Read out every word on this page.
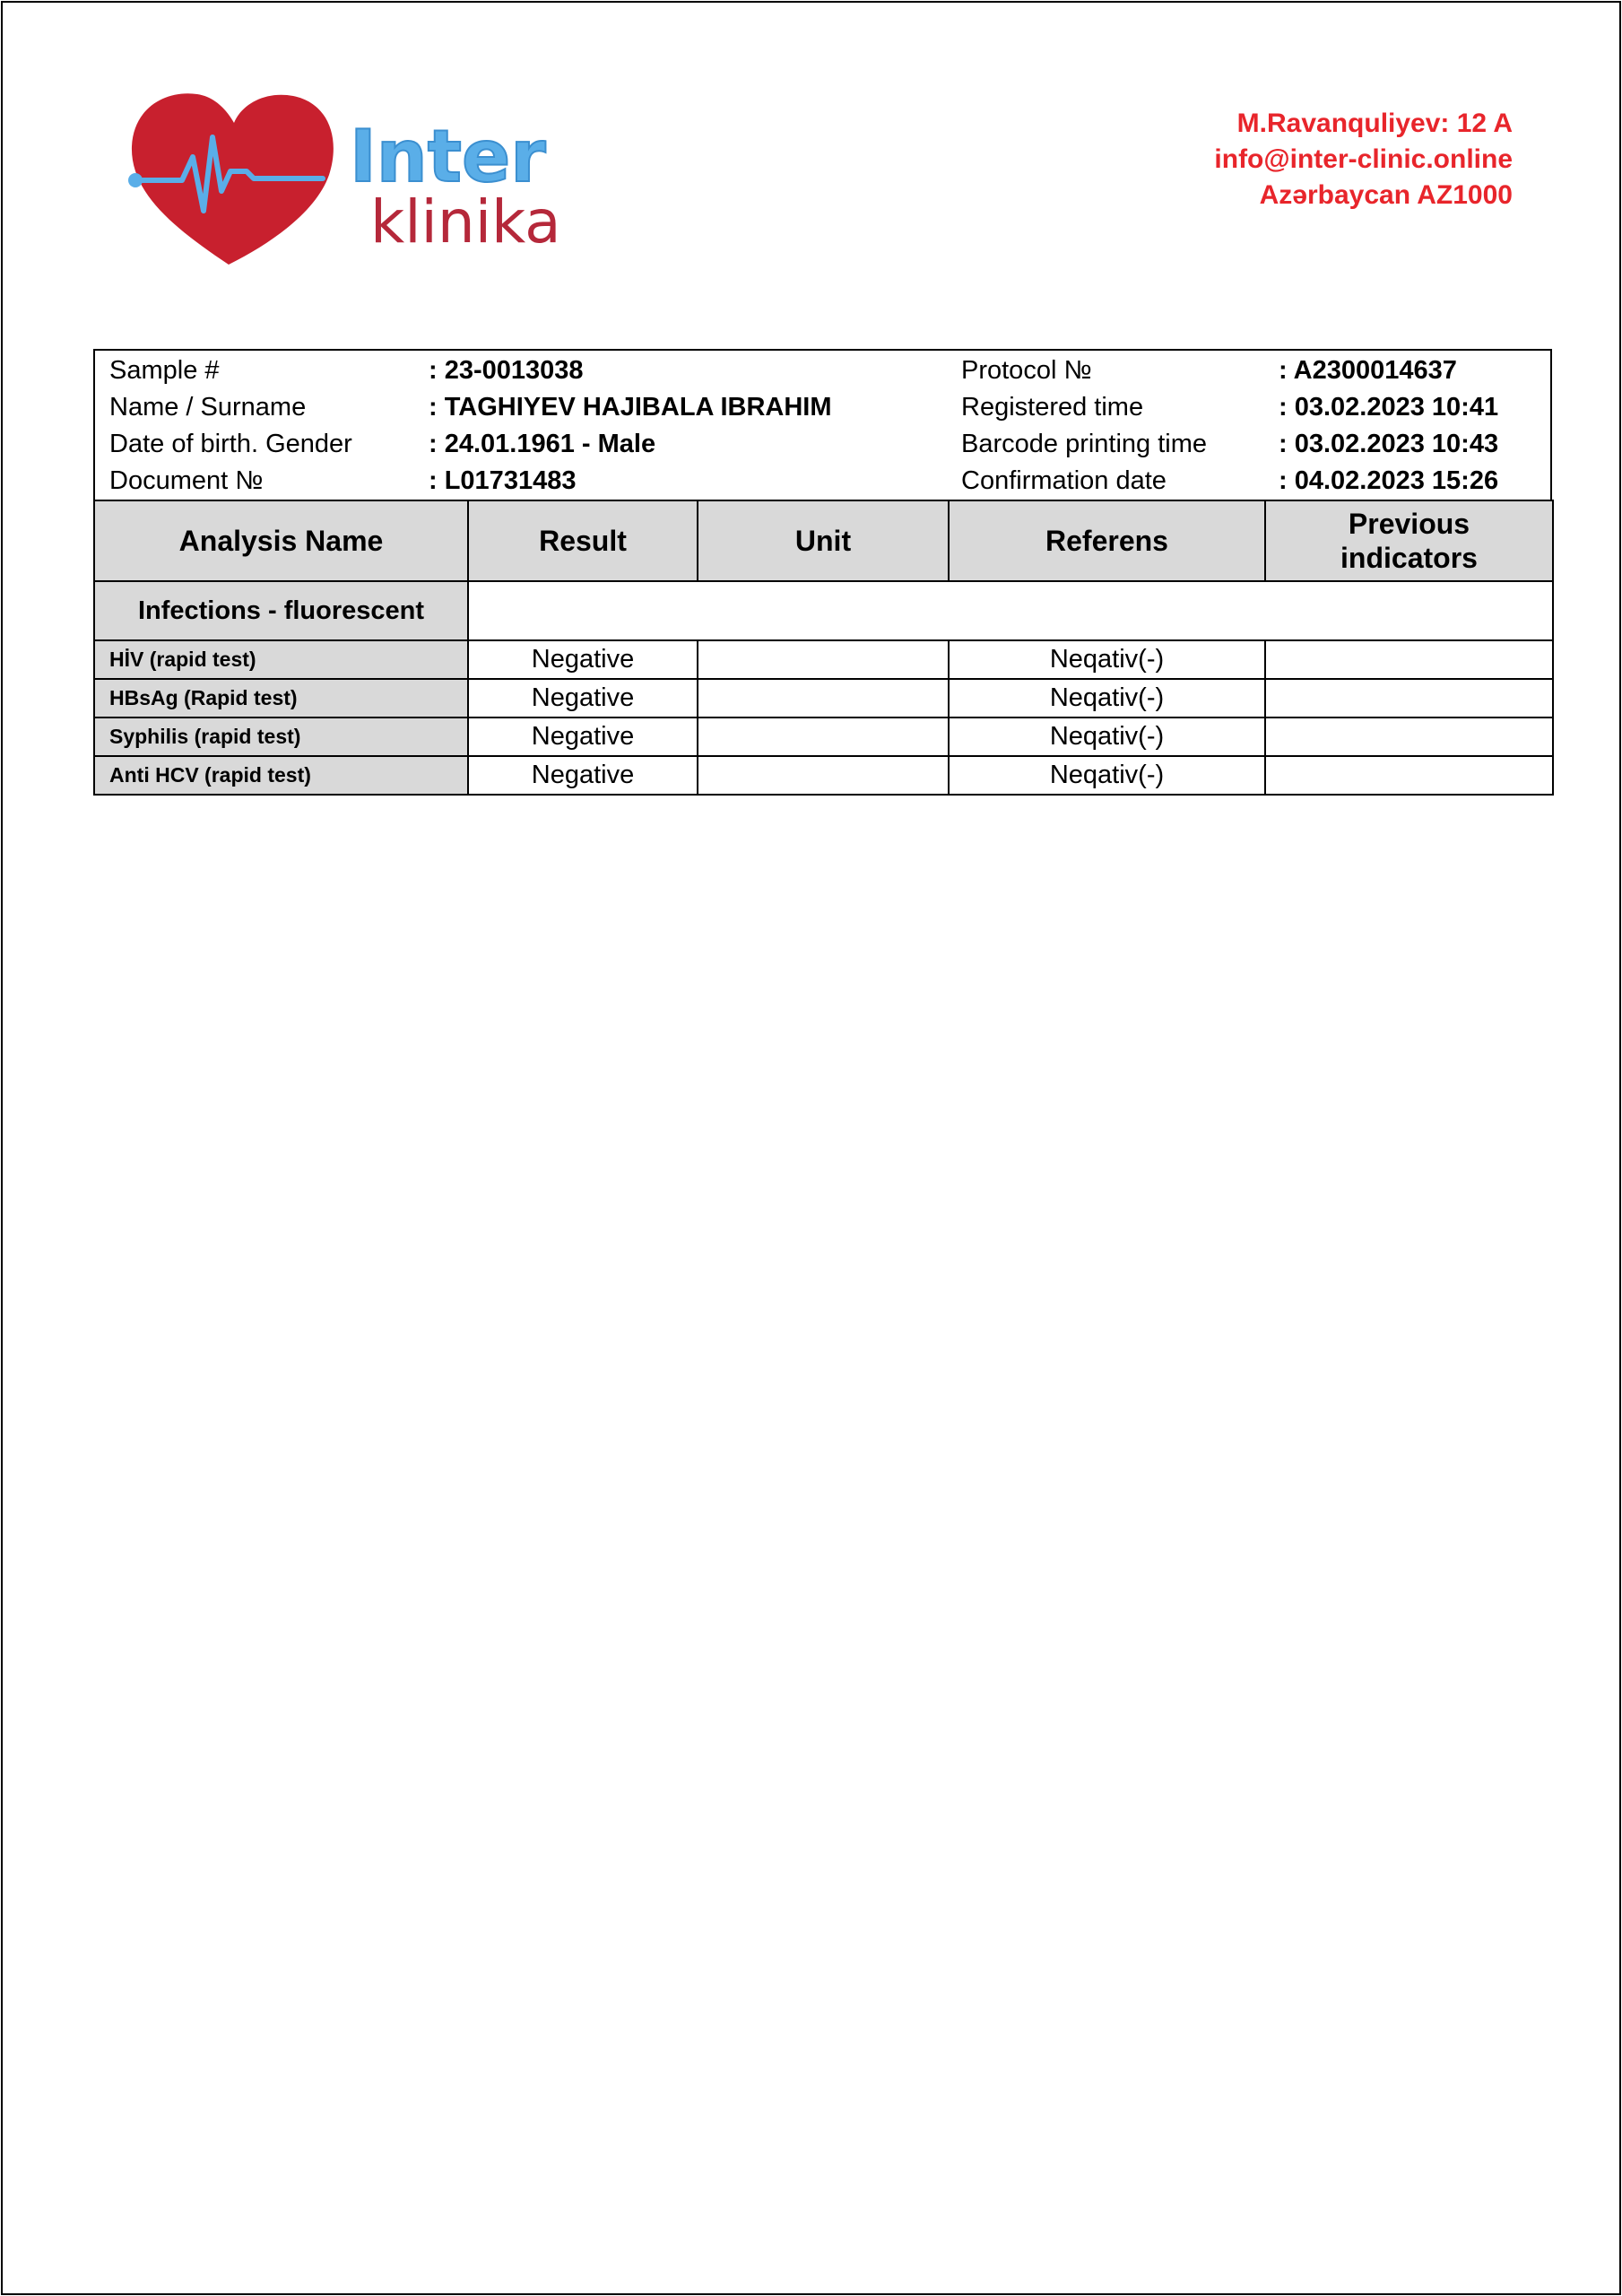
Inter
klinika
M.Ravanquliyev: 12 A
info@inter-clinic.online
Azərbaycan AZ1000
Sample #	: 23-0013038	Protocol №	: A2300014637
Name / Surname	: TAGHIYEV HAJIBALA IBRAHIM	Registered time	: 03.02.2023 10:41
Date of birth. Gender	: 24.01.1961 - Male	Barcode printing time	: 03.02.2023 10:43
Document №	: L01731483	Confirmation date	: 04.02.2023 15:26
Analysis Name	Result	Unit	Referens	Previous
indicators

Infections - fluorescent				
HİV (rapid test)	Negative		Neqativ(-)	
HBsAg (Rapid test)	Negative		Neqativ(-)	
Syphilis (rapid test)	Negative		Neqativ(-)	
Anti HCV (rapid test)	Negative		Neqativ(-)	
